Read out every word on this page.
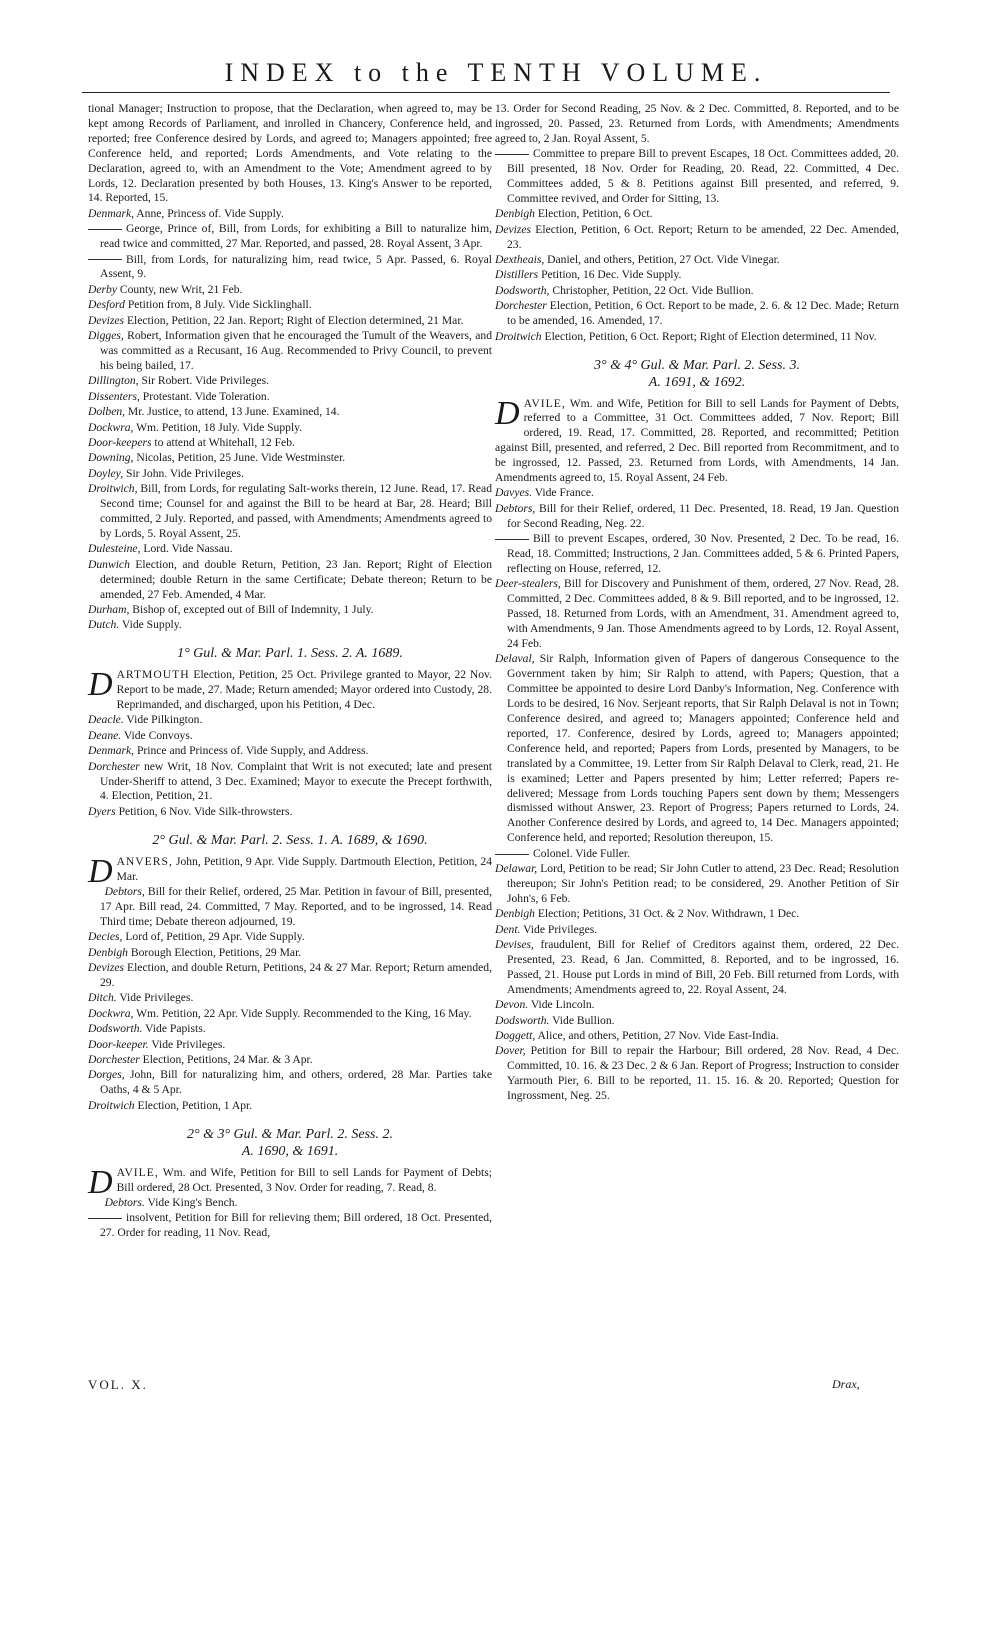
INDEX to the TENTH VOLUME.

tional Manager; Instruction to propose, that the Declaration, when agreed to, may be kept among Records of Parliament, and inrolled in Chancery, Conference held, and reported; free Conference desired by Lords, and agreed to; Managers appointed; free Conference held, and reported; Lords Amendments, and Vote relating to the Declaration, agreed to, with an Amendment to the Vote; Amendment agreed to by Lords, 12. Declaration presented by both Houses, 13. King's Answer to be reported, 14. Reported, 15.

Denmark, Anne, Princess of. Vide Supply.

George, Prince of, Bill, from Lords, for exhibiting a Bill to naturalize him, read twice and committed, 27 Mar. Reported, and passed, 28. Royal Assent, 3 Apr.

Bill, from Lords, for naturalizing him, read twice, 5 Apr. Passed, 6. Royal Assent, 9.

Derby County, new Writ, 21 Feb.

Desford Petition from, 8 July. Vide Sicklinghall.

Devizes Election, Petition, 22 Jan. Report; Right of Election determined, 21 Mar.

Digges, Robert, Information given that he encouraged the Tumult of the Weavers, and was committed as a Recusant, 16 Aug. Recommended to Privy Council, to prevent his being bailed, 17.

Dillington, Sir Robert. Vide Privileges.

Dissenters, Protestant. Vide Toleration.

Dolben, Mr. Justice, to attend, 13 June. Examined, 14.

Dockwra, Wm. Petition, 18 July. Vide Supply.

Door-keepers to attend at Whitehall, 12 Feb.

Downing, Nicolas, Petition, 25 June. Vide Westminster.

Doyley, Sir John. Vide Privileges.

Droitwich, Bill, from Lords, for regulating Salt-works therein, 12 June. Read, 17. Read Second time; Counsel for and against the Bill to be heard at Bar, 28. Heard; Bill committed, 2 July. Reported, and passed, with Amendments; Amendments agreed to by Lords, 5. Royal Assent, 25.

Dulesteine, Lord. Vide Nassau.

Dunwich Election, and double Return, Petition, 23 Jan. Report; Right of Election determined; double Return in the same Certificate; Debate thereon; Return to be amended, 27 Feb. Amended, 4 Mar.

Durham, Bishop of, excepted out of Bill of Indemnity, 1 July.

Dutch. Vide Supply.

1° Gul. & Mar. Parl. 1. Sess. 2. A. 1689.

DARTMOUTH Election, Petition, 25 Oct. Privilege granted to Mayor, 22 Nov. Report to be made, 27. Made; Return amended; Mayor ordered into Custody, 28. Reprimanded, and discharged, upon his Petition, 4 Dec.

Deacle. Vide Pilkington.

Deane. Vide Convoys.

Denmark, Prince and Princess of. Vide Supply, and Address.

Dorchester new Writ, 18 Nov. Complaint that Writ is not executed; late and present Under-Sheriff to attend, 3 Dec. Examined; Mayor to execute the Precept forthwith, 4. Election, Petition, 21.

Dyers Petition, 6 Nov. Vide Silk-throwsters.

2° Gul. & Mar. Parl. 2. Sess. 1. A. 1689, & 1690.

DANVERS, John, Petition, 9 Apr. Vide Supply. Dartmouth Election, Petition, 24 Mar.

Debtors, Bill for their Relief, ordered, 25 Mar. Petition in favour of Bill, presented, 17 Apr. Bill read, 24. Committed, 7 May. Reported, and to be ingrossed, 14. Read Third time; Debate thereon adjourned, 19.

Decies, Lord of, Petition, 29 Apr. Vide Supply.

Denbigh Borough Election, Petitions, 29 Mar.

Devizes Election, and double Return, Petitions, 24 & 27 Mar. Report; Return amended, 29.

Ditch. Vide Privileges.

Dockwra, Wm. Petition, 22 Apr. Vide Supply. Recommended to the King, 16 May.

Dodsworth. Vide Papists.

Door-keeper. Vide Privileges.

Dorchester Election, Petitions, 24 Mar. & 3 Apr.

Dorges, John, Bill for naturalizing him, and others, ordered, 28 Mar. Parties take Oaths, 4 & 5 Apr.

Droitwich Election, Petition, 1 Apr.

2° & 3° Gul. & Mar. Parl. 2. Sess. 2.
A. 1690, & 1691.

DAVILE, Wm. and Wife, Petition for Bill to sell Lands for Payment of Debts; Bill ordered, 28 Oct. Presented, 3 Nov. Order for reading, 7. Read, 8.

Debtors. Vide King's Bench.

insolvent, Petition for Bill for relieving them; Bill ordered, 18 Oct. Presented, 27. Order for reading, 11 Nov. Read,

13. Order for Second Reading, 25 Nov. & 2 Dec. Committed, 8. Reported, and to be ingrossed, 20. Passed, 23. Returned from Lords, with Amendments; Amendments agreed to, 2 Jan. Royal Assent, 5.

Committee to prepare Bill to prevent Escapes, 18 Oct. Committees added, 20. Bill presented, 18 Nov. Order for Reading, 20. Read, 22. Committed, 4 Dec. Committees added, 5 & 8. Petitions against Bill presented, and referred, 9. Committee revived, and Order for Sitting, 13.

Denbigh Election, Petition, 6 Oct.

Devizes Election, Petition, 6 Oct. Report; Return to be amended, 22 Dec. Amended, 23.

Dextheais, Daniel, and others, Petition, 27 Oct. Vide Vinegar.

Distillers Petition, 16 Dec. Vide Supply.

Dodsworth, Christopher, Petition, 22 Oct. Vide Bullion.

Dorchester Election, Petition, 6 Oct. Report to be made, 2. 6. & 12 Dec. Made; Return to be amended, 16. Amended, 17.

Droitwich Election, Petition, 6 Oct. Report; Right of Election determined, 11 Nov.

3° & 4° Gul. & Mar. Parl. 2. Sess. 3.
A. 1691, & 1692.

DAVILE, Wm. and Wife, Petition for Bill to sell Lands for Payment of Debts, referred to a Committee, 31 Oct. Committees added, 7 Nov. Report; Bill ordered, 19. Read, 17. Committed, 28. Reported, and recommitted; Petition against Bill, presented, and referred, 2 Dec. Bill reported from Recommitment, and to be ingrossed, 12. Passed, 23. Returned from Lords, with Amendments, 14 Jan. Amendments agreed to, 15. Royal Assent, 24 Feb.

Davyes. Vide France.

Debtors, Bill for their Relief, ordered, 11 Dec. Presented, 18. Read, 19 Jan. Question for Second Reading, Neg. 22.

Bill to prevent Escapes, ordered, 30 Nov. Presented, 2 Dec. To be read, 16. Read, 18. Committed; Instructions, 2 Jan. Committees added, 5 & 6. Printed Papers, reflecting on House, referred, 12.

Deer-stealers, Bill for Discovery and Punishment of them, ordered, 27 Nov. Read, 28. Committed, 2 Dec. Committees added, 8 & 9. Bill reported, and to be ingrossed, 12. Passed, 18. Returned from Lords, with an Amendment, 31. Amendment agreed to, with Amendments, 9 Jan. Those Amendments agreed to by Lords, 12. Royal Assent, 24 Feb.

Delaval, Sir Ralph, Information given of Papers of dangerous Consequence to the Government taken by him; Sir Ralph to attend, with Papers; Question, that a Committee be appointed to desire Lord Danby's Information, Neg. Conference with Lords to be desired, 16 Nov. Serjeant reports, that Sir Ralph Delaval is not in Town; Conference desired, and agreed to; Managers appointed; Conference held and reported, 17. Conference, desired by Lords, agreed to; Managers appointed; Conference held, and reported; Papers from Lords, presented by Managers, to be translated by a Committee, 19. Letter from Sir Ralph Delaval to Clerk, read, 21. He is examined; Letter and Papers presented by him; Letter referred; Papers re-delivered; Message from Lords touching Papers sent down by them; Messengers dismissed without Answer, 23. Report of Progress; Papers returned to Lords, 24. Another Conference desired by Lords, and agreed to, 14 Dec. Managers appointed; Conference held, and reported; Resolution thereupon, 15.

Colonel. Vide Fuller.

Delawar, Lord, Petition to be read; Sir John Cutler to attend, 23 Dec. Read; Resolution thereupon; Sir John's Petition read; to be considered, 29. Another Petition of Sir John's, 6 Feb.

Denbigh Election; Petitions, 31 Oct. & 2 Nov. Withdrawn, 1 Dec.

Dent. Vide Privileges.

Devises, fraudulent, Bill for Relief of Creditors against them, ordered, 22 Dec. Presented, 23. Read, 6 Jan. Committed, 8. Reported, and to be ingrossed, 16. Passed, 21. House put Lords in mind of Bill, 20 Feb. Bill returned from Lords, with Amendments; Amendments agreed to, 22. Royal Assent, 24.

Devon. Vide Lincoln.

Dodsworth. Vide Bullion.

Doggett, Alice, and others, Petition, 27 Nov. Vide East-India.

Dover, Petition for Bill to repair the Harbour; Bill ordered, 28 Nov. Read, 4 Dec. Committed, 10. 16. & 23 Dec. 2 & 6 Jan. Report of Progress; Instruction to consider Yarmouth Pier, 6. Bill to be reported, 11. 15. 16. & 20. Reported; Question for Ingrossment, Neg. 25.

VOL. X.	Drax,
